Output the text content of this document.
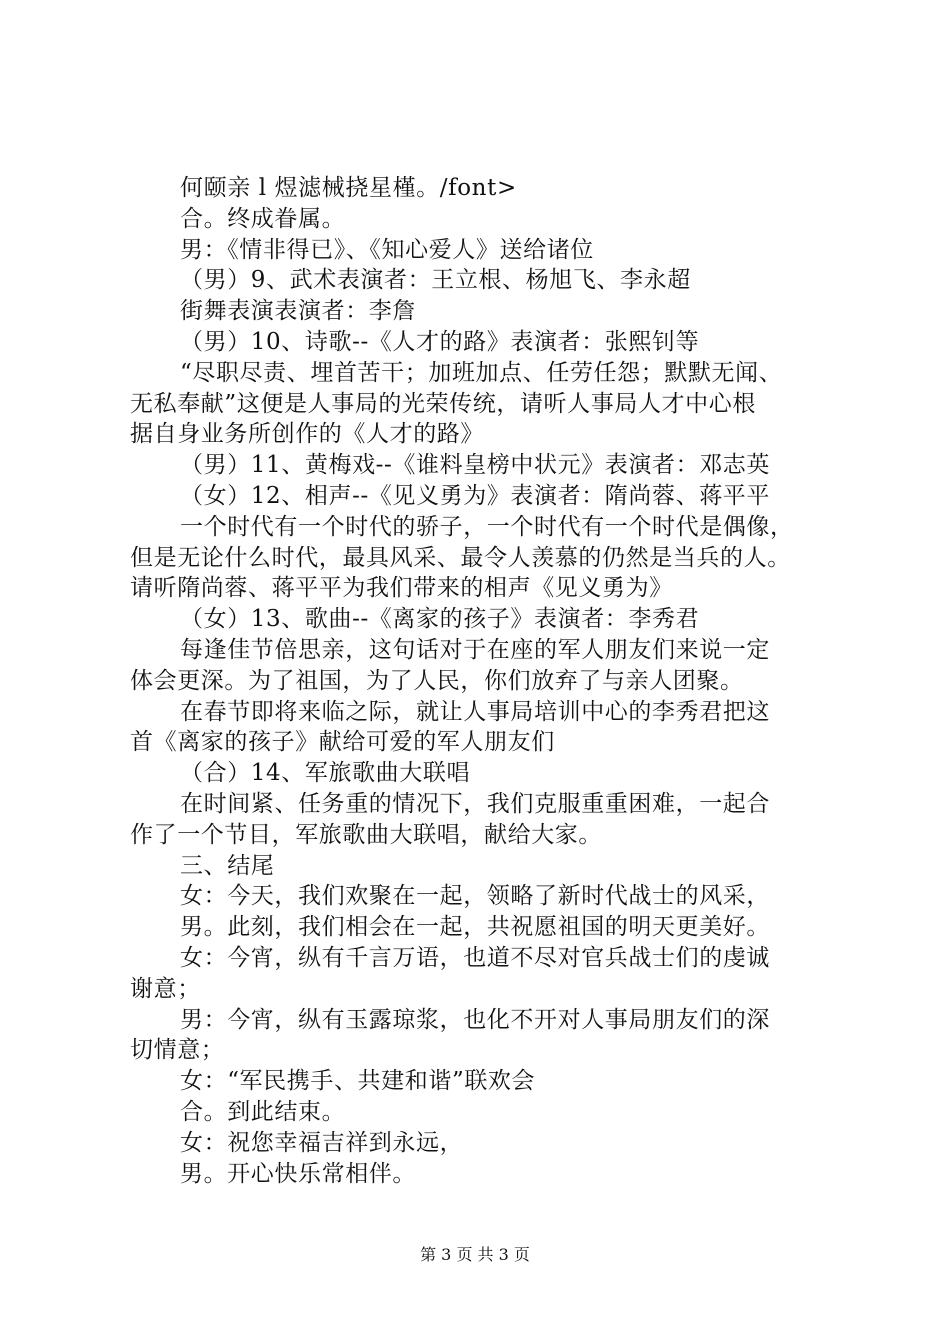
何颐亲 l 煜滤械挠星槿。/font>
合。终成眷属。
男：《情非得已》、《知心爱人》送给诸位
（男）9、武术表演者：王立根、杨旭飞、李永超
街舞表演表演者：李詹
（男）10、诗歌--《人才的路》表演者：张熙钊等
“尽职尽责、埋首苦干；加班加点、任劳任怨；默默无闻、
无私奉献”这便是人事局的光荣传统，请听人事局人才中心根
据自身业务所创作的《人才的路》
（男）11、黄梅戏--《谁料皇榜中状元》表演者：邓志英
（女）12、相声--《见义勇为》表演者：隋尚蓉、蒋平平
一个时代有一个时代的骄子，一个时代有一个时代是偶像，
但是无论什么时代，最具风采、最令人羡慕的仍然是当兵的人。
请听隋尚蓉、蒋平平为我们带来的相声《见义勇为》
（女）13、歌曲--《离家的孩子》表演者：李秀君
每逢佳节倍思亲，这句话对于在座的军人朋友们来说一定
体会更深。为了祖国，为了人民，你们放弃了与亲人团聚。
在春节即将来临之际，就让人事局培训中心的李秀君把这
首《离家的孩子》献给可爱的军人朋友们
（合）14、军旅歌曲大联唱
在时间紧、任务重的情况下，我们克服重重困难，一起合
作了一个节目，军旅歌曲大联唱，献给大家。
三、结尾
女：今天，我们欢聚在一起，领略了新时代战士的风采，
男。此刻，我们相会在一起，共祝愿祖国的明天更美好。
女：今宵，纵有千言万语，也道不尽对官兵战士们的虔诚
谢意；
男：今宵，纵有玉露琼浆，也化不开对人事局朋友们的深
切情意；
女：“军民携手、共建和谐”联欢会
合。到此结束。
女：祝您幸福吉祥到永远，
男。开心快乐常相伴。
第 3 页 共 3 页
